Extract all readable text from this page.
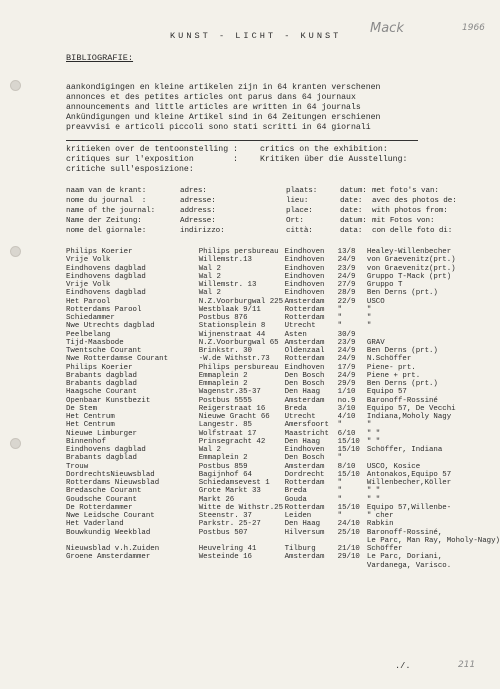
KUNST - LICHT - KUNST Mack	1966
BIBLIOGRAFIE:
aankondigingen en kleine artikelen zijn in 64 kranten verschenen
annonces et des petites articles ont parus dans 64 journaux
announcements and little articles are written in 64 journals
Ankündigungen und kleine Artikel sind in 64 Zeitungen erschienen
preavvisi e articoli piccoli sono stati scritti in 64 giornali
kritieken over de tentoonstelling :	critics on the exhibition:
critiques sur l'exposition        :	Kritiken über die Ausstellung:
critiche sull'esposizione:
naam van de krant:	adres:	plaats:	datum: met foto's van:
nome du journal  :	adresse:	lieu:	date: avec des photos de:
name of the journal:	address:	place:	date: with photos from:
Name der Zeitung:	Adresse:	Ort:	datum: mit Fotos von:
nome del giornale:	indirizzo:	città:	data: con delle foto di:
Philips Koerier	Philips persbureau	Eindhoven	13/8	Healey-Willenbecher
Vrije Volk	Willemstr.13	Eindhoven	24/9	von Graevenitz(prt.)
Eindhovens dagblad	Wal 2	Eindhoven	23/9	von Graevenitz(prt.)
Eindhovens dagblad	Wal 2	Eindhoven	24/9	Gruppo T-Mack (prt)
Vrije Volk	Willemstr. 13	Eindhoven	27/9	Gruppo T
Eindhovens dagblad	Wal 2	Eindhoven	28/9	Ben Derns (prt.)
Het Parool	N.Z.Voorburgwal 225	Amsterdam	22/9	USCO
Rotterdams Parool	Westblaak 9/11	Rotterdam	"	"
Schiedammer	Postbus 876	Rotterdam	"	"
Nwe Utrechts dagblad	Stationsplein 8	Utrecht	"	"
Peelbelang	Wijnenstraat 44	Asten	30/9	
Tijd-Maasbode	N.Z.Voorburgwal 65	Amsterdam	23/9	GRAV
Twentsche Courant	Brinkstr. 30	Oldenzaal	24/9	Ben Derns (prt.)
Nwe Rotterdamse Courant	-W.de Withstr.73	Rotterdam	24/9	N.Schöffer
Philips Koerier	Philips persbureau	Eindhoven	17/9	Piene- prt.
Brabants dagblad	Emmaplein 2	Den Bosch	24/9	Piene + prt.
Brabants dagblad	Emmaplein 2	Den Bosch	29/9	Ben Derns (prt.)
Haagsche Courant	Wagenstr.35-37	Den Haag	1/10	Equipo 57
Openbaar Kunstbezit	Postbus 5555	Amsterdam	no.9	Baronoff-Rossiné
De Stem	Reigerstraat 16	Breda	3/10	Equipo 57, De Vecchi
Het Centrum	Nieuwe Gracht 66	Utrecht	4/10	Indiana,Moholy Nagy
Het Centrum	Langestr. 85	Amersfoort	"	"
Nieuwe Limburger	Wolfstraat 17	Maastricht	6/10	" "
Binnenhof	Prinsegracht 42	Den Haag	15/10	" "
Eindhovens dagblad	Wal 2	Eindhoven	15/10	Schöffer, Indiana
Brabants dagblad	Emmaplein 2	Den Bosch	"	
Trouw	Postbus 859	Amsterdam	8/10	USCO, Kosice
DordrechtsNieuwsblad	Bagijnhof 64	Dordrecht	15/10	Antonakos,Equipo 57
Rotterdams Nieuwsblad	Schiedamsevest 1	Rotterdam	"	Willenbecher,Köller
Bredasche Courant	Grote Markt 33	Breda	"	" "
Goudsche Courant	Markt 26	Gouda	"	" "
De Rotterdammer	Witte de Withstr.25	Rotterdam	15/10	Equipo 57,Willenbe-
Nwe Leidsche Courant	Steenstr. 37	Leiden	"	" cher
Het Vaderland	Parkstr. 25-27	Den Haag	24/10	Rabkin
Bouwkundig Weekblad	Postbus 507	Hilversum	25/10	Baronoff-Rossiné,
				Le Parc, Man Ray, Moholy-Nagy)
Nieuwsblad v.h.Zuiden	Heuvelring 41	Tilburg	21/10	Schöffer
Groene Amsterdammer	Westeinde 16	Amsterdam	29/10	Le Parc, Doriani,
				Vardanega, Varisco.
./.	211
